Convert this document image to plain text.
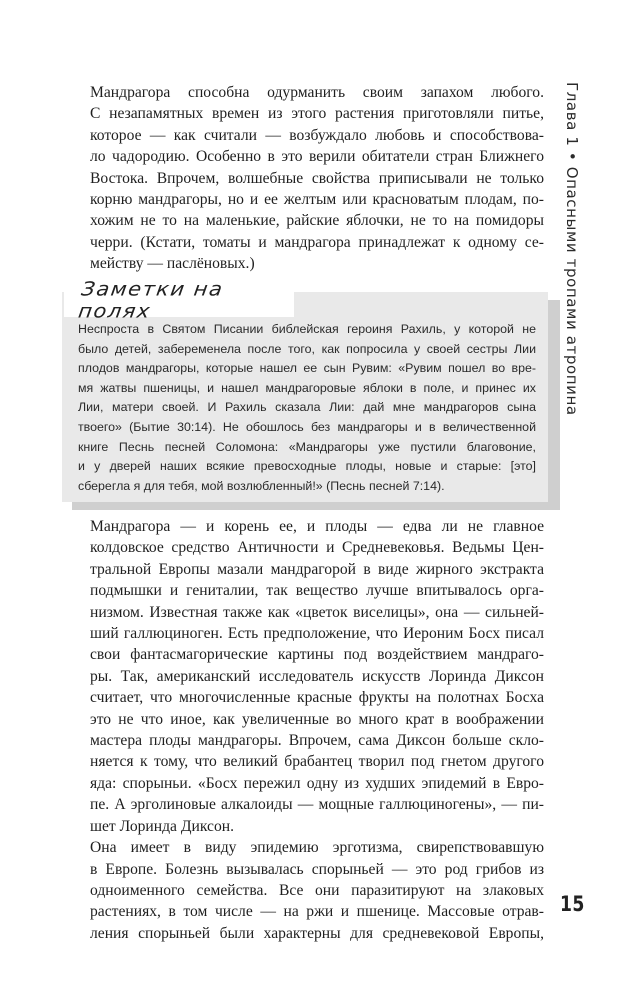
Глава 1 • Опасными тропами атропина

Мандрагора способна одурманить своим запахом любого.
С незапамятных времен из этого растения приготовляли питье,
которое — как считали — возбуждало любовь и способствова-
ло чадородию. Особенно в это верили обитатели стран Ближнего
Востока. Впрочем, волшебные свойства приписывали не только
корню мандрагоры, но и ее желтым или красноватым плодам, по-
хожим не то на маленькие, райские яблочки, не то на помидоры
черри. (Кстати, томаты и мандрагора принадлежат к одному се-
мейству — паслёновых.)

Заметки на полях
Неспроста в Святом Писании библейская героиня Рахиль, у которой не
было детей, забеременела после того, как попросила у своей сестры Лии
плодов мандрагоры, которые нашел ее сын Рувим: «Рувим пошел во вре-
мя жатвы пшеницы, и нашел мандрагоровые яблоки в поле, и принес их
Лии, матери своей. И Рахиль сказала Лии: дай мне мандрагоров сына
твоего» (Бытие 30:14). Не обошлось без мандрагоры и в величественной
книге Песнь песней Соломона: «Мандрагоры уже пустили благовоние,
и у дверей наших всякие превосходные плоды, новые и старые: [это]
сберегла я для тебя, мой возлюбленный!» (Песнь песней 7:14).

Мандрагора — и корень ее, и плоды — едва ли не главное
колдовское средство Античности и Средневековья. Ведьмы Цен-
тральной Европы мазали мандрагорой в виде жирного экстракта
подмышки и гениталии, так вещество лучше впитывалось орга-
низмом. Известная также как «цветок виселицы», она — сильней-
ший галлюциноген. Есть предположение, что Иероним Босх писал
свои фантасмагорические картины под воздействием мандраго-
ры. Так, американский исследователь искусств Лоринда Диксон
считает, что многочисленные красные фрукты на полотнах Босха
это не что иное, как увеличенные во много крат в воображении
мастера плоды мандрагоры. Впрочем, сама Диксон больше скло-
няется к тому, что великий брабантец творил под гнетом другого
яда: спорыньи. «Босх пережил одну из худших эпидемий в Евро-
пе. А эрголиновые алкалоиды — мощные галлюциногены», — пи-
шет Лоринда Диксон.

Она имеет в виду эпидемию эрготизма, свирепствовавшую
в Европе. Болезнь вызывалась спорыньей — это род грибов из
одноименного семейства. Все они паразитируют на злаковых
растениях, в том числе — на ржи и пшенице. Массовые отрав-
ления спорыньей были характерны для средневековой Европы,

15
